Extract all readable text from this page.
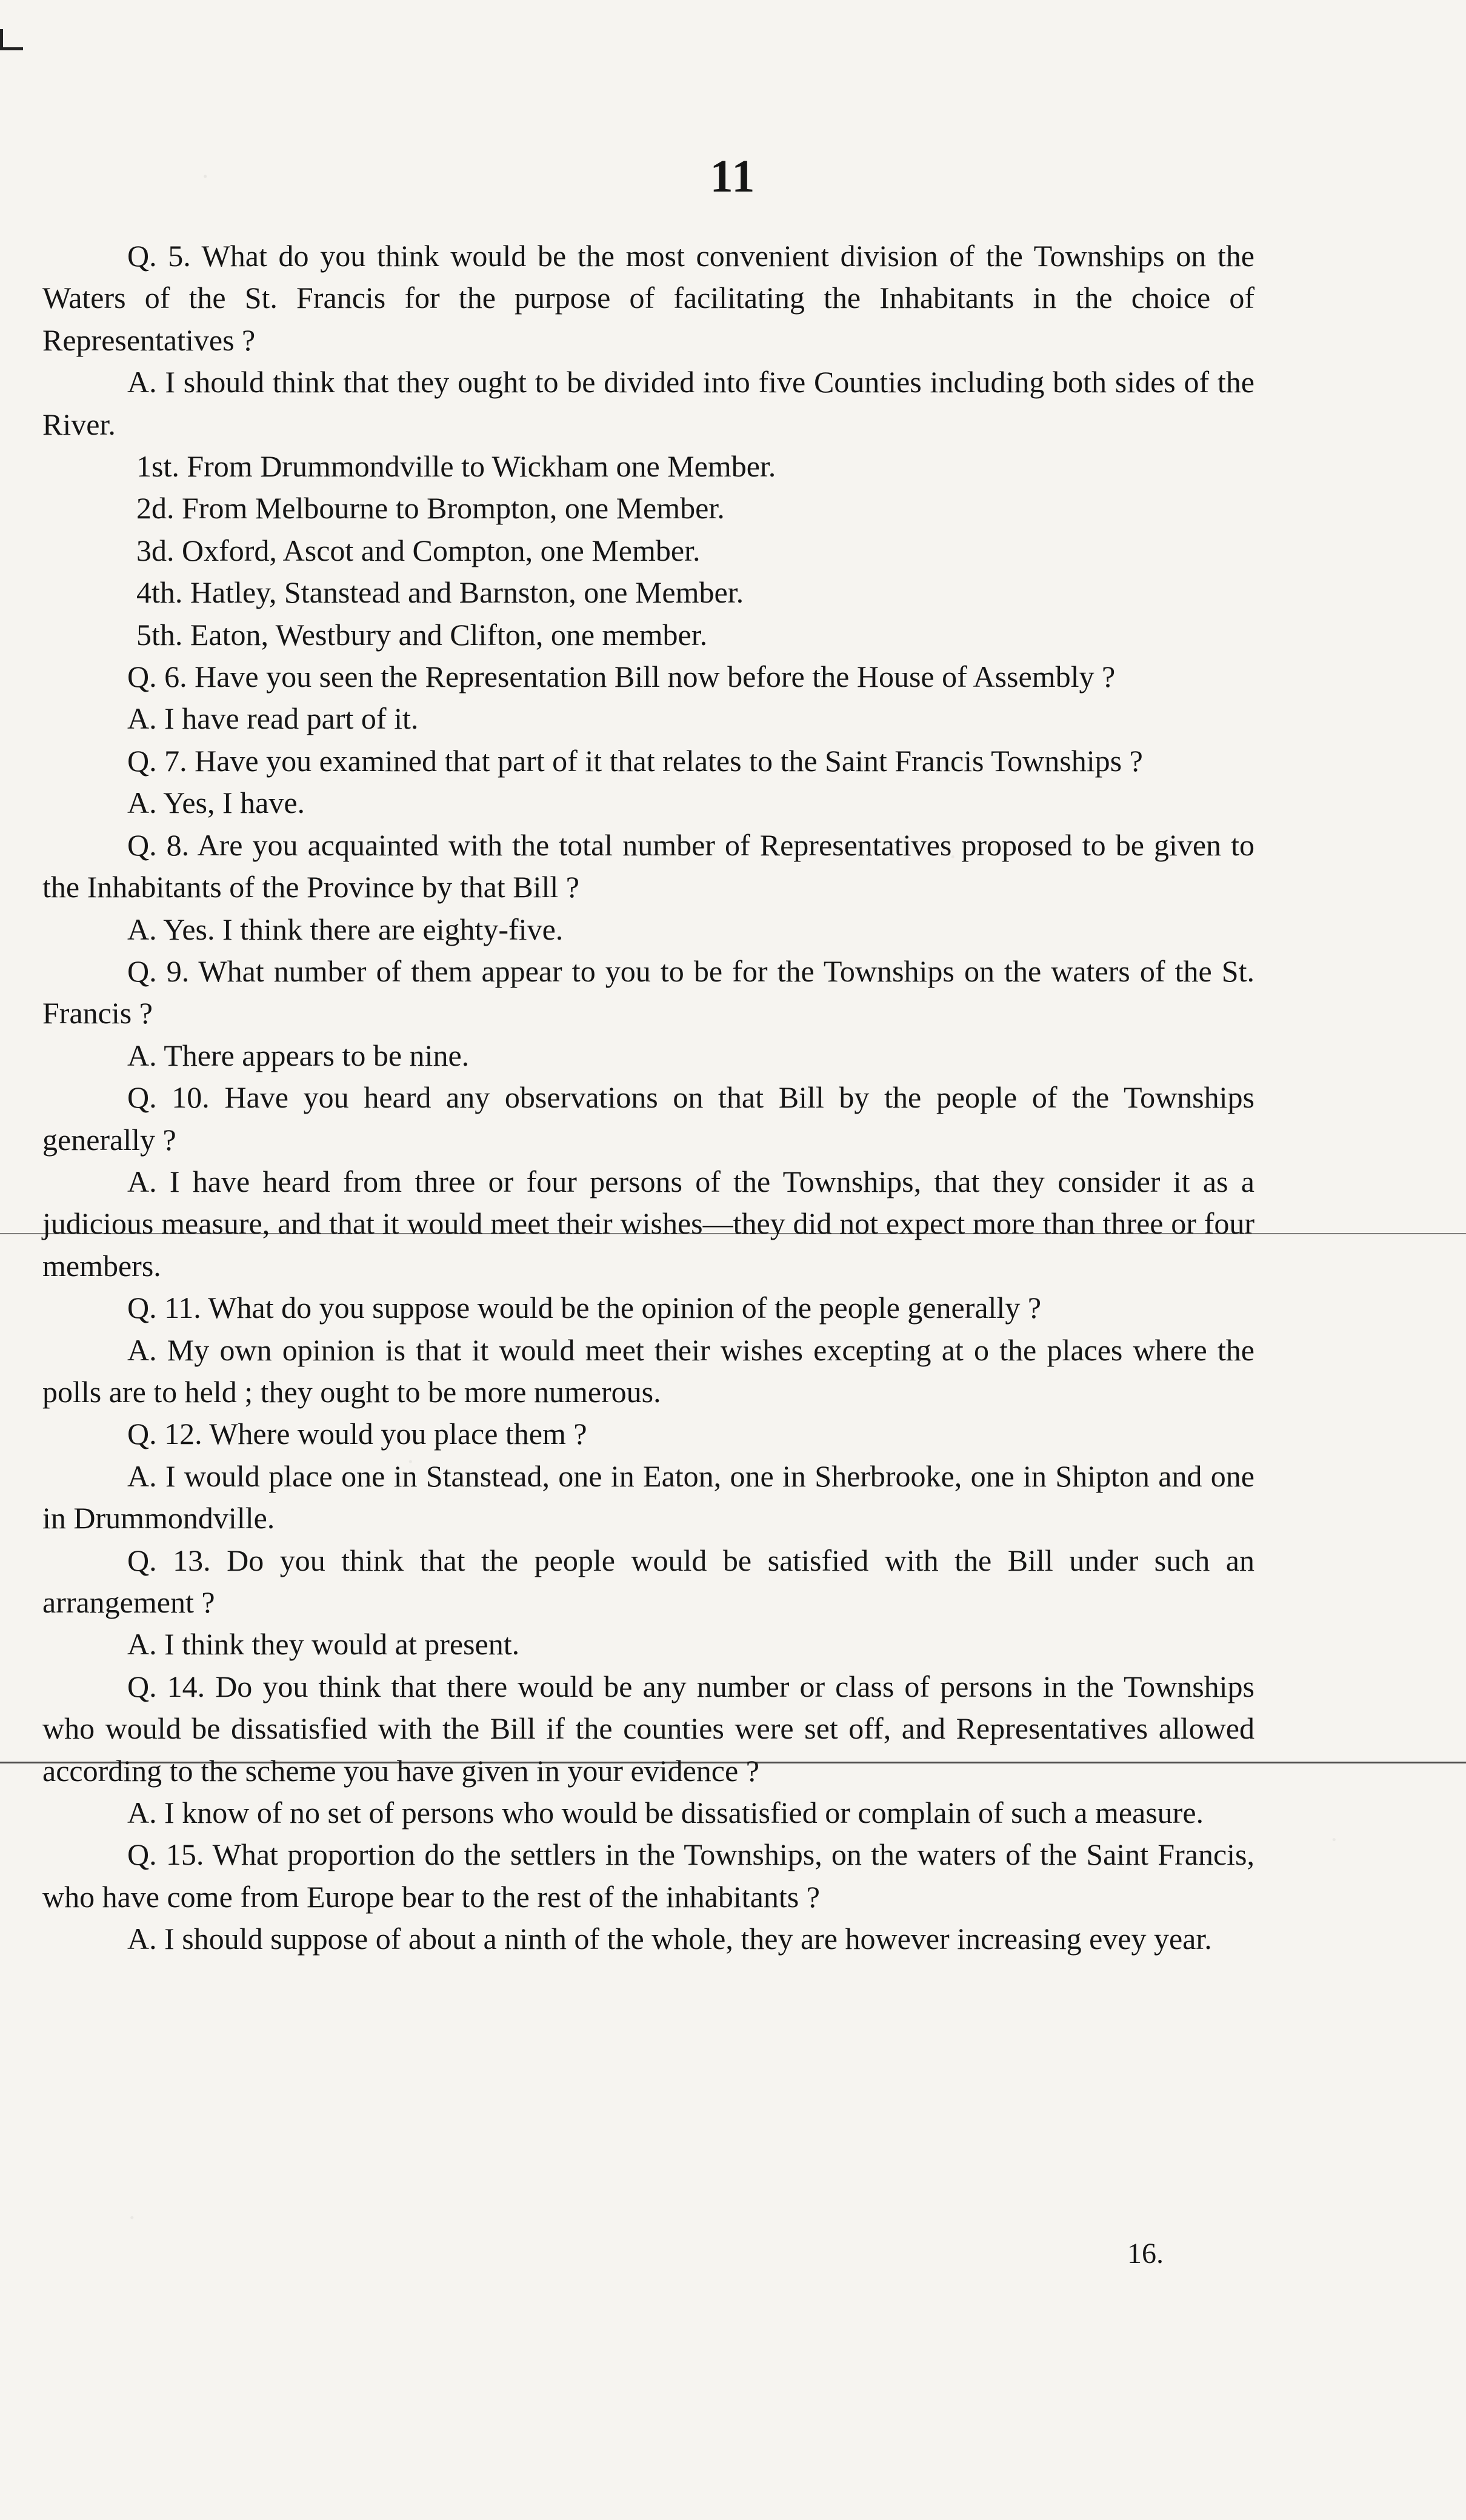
11

Q. 5. What do you think would be the most convenient division of the Townships on the Waters of the St. Francis for the purpose of facilitating the Inhabitants in the choice of Representatives ?

A. I should think that they ought to be divided into five Counties including both sides of the River.

1st. From Drummondville to Wickham one Member.

2d. From Melbourne to Brompton, one Member.

3d. Oxford, Ascot and Compton, one Member.

4th. Hatley, Stanstead and Barnston, one Member.

5th. Eaton, Westbury and Clifton, one member.

Q. 6. Have you seen the Representation Bill now before the House of Assembly ?

A. I have read part of it.

Q. 7. Have you examined that part of it that relates to the Saint Francis Townships ?

A. Yes, I have.

Q. 8. Are you acquainted with the total number of Representatives proposed to be given to the Inhabitants of the Province by that Bill ?

A. Yes. I think there are eighty-five.

Q. 9. What number of them appear to you to be for the Townships on the waters of the St. Francis ?

A. There appears to be nine.

Q. 10. Have you heard any observations on that Bill by the people of the Townships generally ?

A. I have heard from three or four persons of the Townships, that they consider it as a judicious measure, and that it would meet their wishes—they did not expect more than three or four members.

Q. 11. What do you suppose would be the opinion of the people generally ?

A. My own opinion is that it would meet their wishes excepting at o the places where the polls are to held ; they ought to be more numerous.

Q. 12. Where would you place them ?

A. I would place one in Stanstead, one in Eaton, one in Sherbrooke, one in Shipton and one in Drummondville.

Q. 13. Do you think that the people would be satisfied with the Bill under such an arrangement ?

A. I think they would at present.

Q. 14. Do you think that there would be any number or class of persons in the Townships who would be dissatisfied with the Bill if the counties were set off, and Representatives allowed according to the scheme you have given in your evidence ?

A. I know of no set of persons who would be dissatisfied or complain of such a measure.

Q. 15. What proportion do the settlers in the Townships, on the waters of the Saint Francis, who have come from Europe bear to the rest of the inhabitants ?

A. I should suppose of about a ninth of the whole, they are however increasing evey year.

16.
